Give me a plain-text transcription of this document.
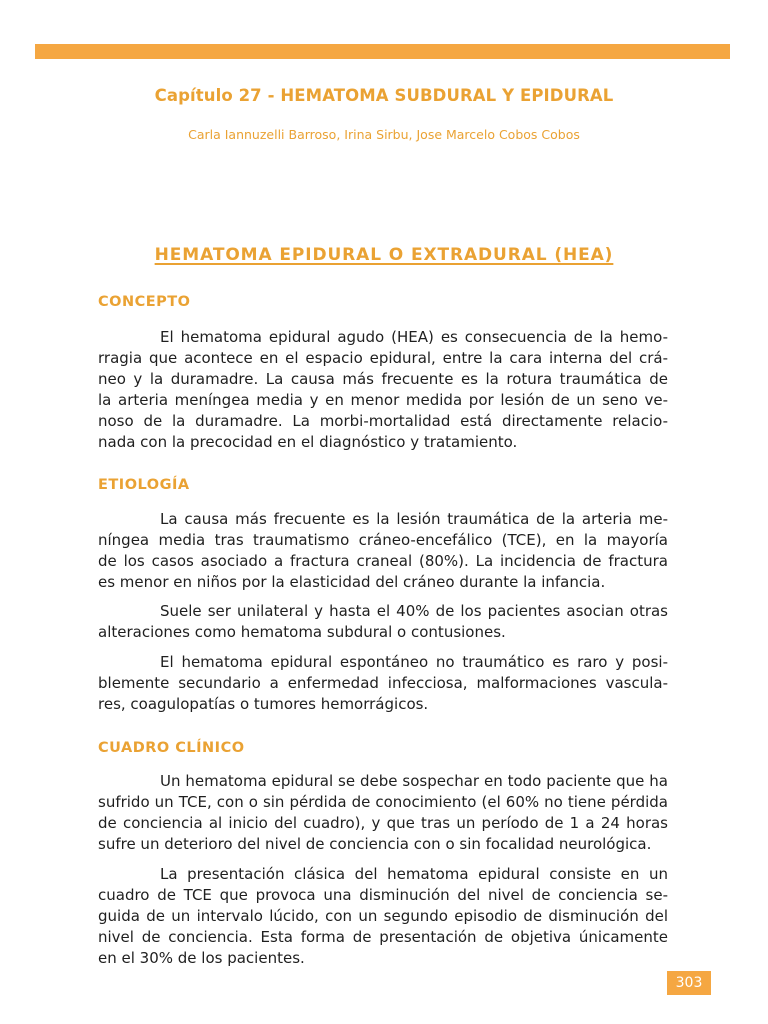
Capítulo 27 - HEMATOMA SUBDURAL Y EPIDURAL
Carla Iannuzelli Barroso, Irina Sirbu, Jose Marcelo Cobos Cobos
HEMATOMA EPIDURAL O EXTRADURAL (HEA)
CONCEPTO
El hematoma epidural agudo (HEA) es consecuencia de la hemo-
rragia que acontece en el espacio epidural, entre la cara interna del crá-
neo y la duramadre. La causa más frecuente es la rotura traumática de
la arteria meníngea media y en menor medida por lesión de un seno ve-
noso de la duramadre. La morbi-mortalidad está directamente relacio-
nada con la precocidad en el diagnóstico y tratamiento.
ETIOLOGÍA
La causa más frecuente es la lesión traumática de la arteria me-
níngea media tras traumatismo cráneo-encefálico (TCE), en la mayoría
de los casos asociado a fractura craneal (80%). La incidencia de fractura
es menor en niños por la elasticidad del cráneo durante la infancia.
Suele ser unilateral y hasta el 40% de los pacientes asocian otras
alteraciones como hematoma subdural o contusiones.
El hematoma epidural espontáneo no traumático es raro y posi-
blemente secundario a enfermedad infecciosa, malformaciones vascula-
res, coagulopatías o tumores hemorrágicos.
CUADRO CLÍNICO
Un hematoma epidural se debe sospechar en todo paciente que ha
sufrido un TCE, con o sin pérdida de conocimiento (el 60% no tiene pérdida
de conciencia al inicio del cuadro), y que tras un período de 1 a 24 horas
sufre un deterioro del nivel de conciencia con o sin focalidad neurológica.
La presentación clásica del hematoma epidural consiste en un
cuadro de TCE que provoca una disminución del nivel de conciencia se-
guida de un intervalo lúcido, con un segundo episodio de disminución del
nivel de conciencia. Esta forma de presentación de objetiva únicamente
en el 30% de los pacientes.
303
